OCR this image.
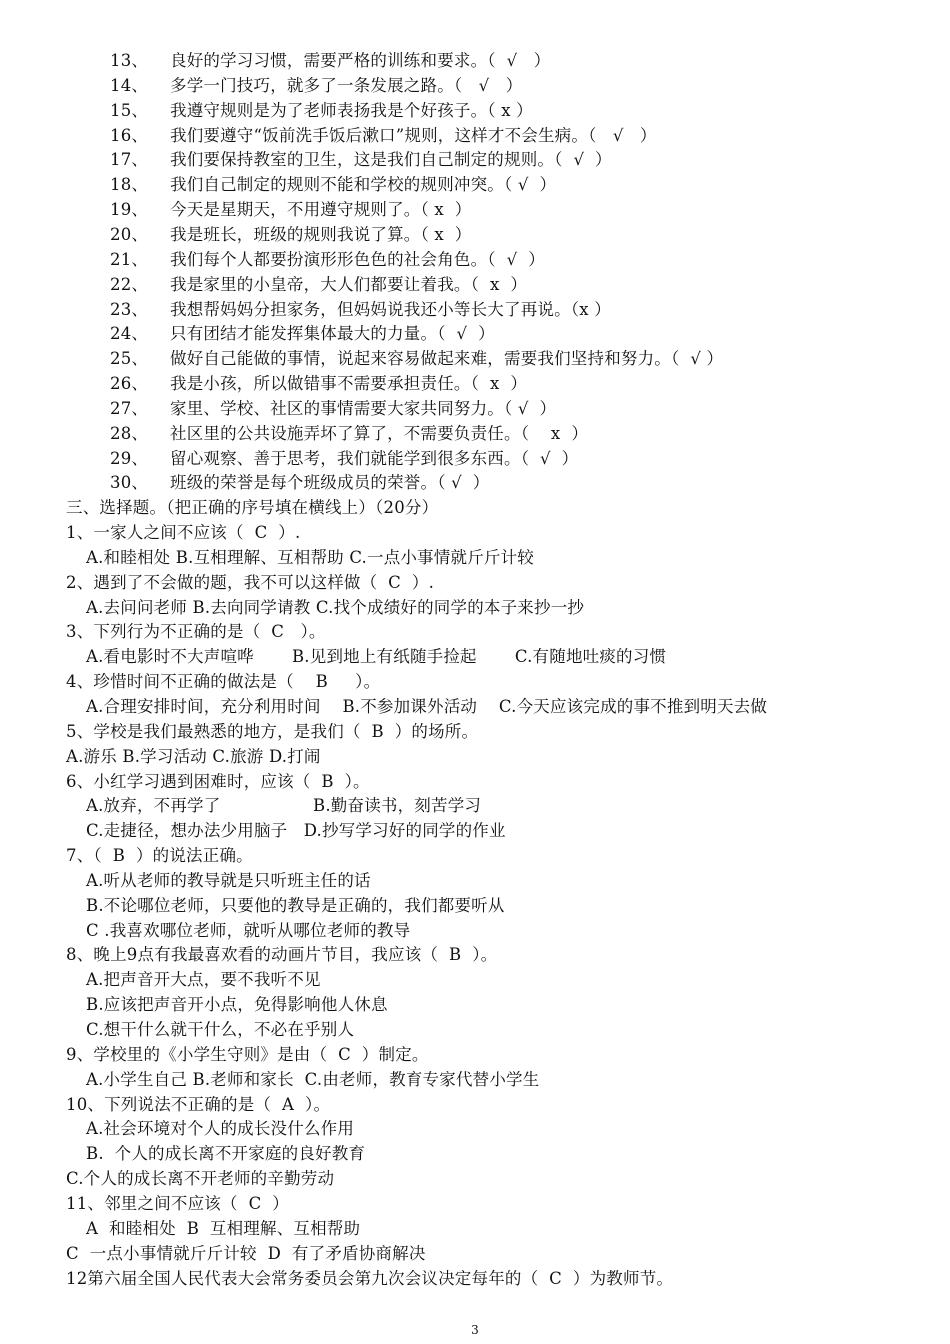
13、 良好的学习习惯，需要严格的训练和要求。（  √   ）
14、 多学一门技巧，就多了一条发展之路。（   √   ）
15、 我遵守规则是为了老师表扬我是个好孩子。（ x ）
16、 我们要遵守“饭前洗手饭后漱口”规则，这样才不会生病。（   √   ）
17、 我们要保持教室的卫生，这是我们自己制定的规则。（  √  ）
18、 我们自己制定的规则不能和学校的规则冲突。（ √  ）
19、 今天是星期天，不用遵守规则了。（ x  ）
20、 我是班长，班级的规则我说了算。（ x  ）
21、 我们每个人都要扮演形形色色的社会角色。（  √  ）
22、 我是家里的小皇帝，大人们都要让着我。（  x  ）
23、 我想帮妈妈分担家务，但妈妈说我还小等长大了再说。（x ）
24、 只有团结才能发挥集体最大的力量。（  √  ）
25、 做好自己能做的事情，说起来容易做起来难，需要我们坚持和努力。（  √ ）
26、 我是小孩，所以做错事不需要承担责任。（  x  ）
27、 家里、学校、社区的事情需要大家共同努力。（ √  ）
28、 社区里的公共设施弄坏了算了，不需要负责任。（    x  ）
29、 留心观察、善于思考，我们就能学到很多东西。（  √  ）
30、 班级的荣誉是每个班级成员的荣誉。（ √  ）
三、选择题。（把正确的序号填在横线上）（20分）
1、一家人之间不应该（  C  ）.
A.和睦相处 B.互相理解、互相帮助 C.一点小事情就斤斤计较
2、遇到了不会做的题，我不可以这样做（  C  ）.
A.去问问老师 B.去向同学请教 C.找个成绩好的同学的本子来抄一抄
3、下列行为不正确的是（  C   ）。
A.看电影时不大声喧哗       B.见到地上有纸随手捡起       C.有随地吐痰的习惯
4、珍惜时间不正确的做法是（    B     ）。
A.合理安排时间，充分利用时间    B.不参加课外活动    C.今天应该完成的事不推到明天去做
5、学校是我们最熟悉的地方，是我们（  B  ）的场所。
A.游乐 B.学习活动 C.旅游 D.打闹
6、小红学习遇到困难时，应该（  B  ）。
A.放弃，不再学了                 B.勤奋读书，刻苦学习
C.走捷径，想办法少用脑子   D.抄写学习好的同学的作业
7、（  B  ）的说法正确。
A.听从老师的教导就是只听班主任的话
B.不论哪位老师，只要他的教导是正确的，我们都要听从
C .我喜欢哪位老师，就听从哪位老师的教导
8、晚上9点有我最喜欢看的动画片节目，我应该（  B  ）。
A.把声音开大点，要不我听不见
B.应该把声音开小点，免得影响他人休息
C.想干什么就干什么，不必在乎别人
9、学校里的《小学生守则》是由（  C  ）制定。
A.小学生自己 B.老师和家长  C.由老师，教育专家代替小学生
10、下列说法不正确的是（  A  ）。
A.社会环境对个人的成长没什么作用
B.  个人的成长离不开家庭的良好教育
C.个人的成长离不开老师的辛勤劳动
11、邻里之间不应该（  C  ）
A  和睦相处  B  互相理解、互相帮助
C  一点小事情就斤斤计较  D  有了矛盾协商解决
12第六届全国人民代表大会常务委员会第九次会议决定每年的（  C  ）为教师节。
3
